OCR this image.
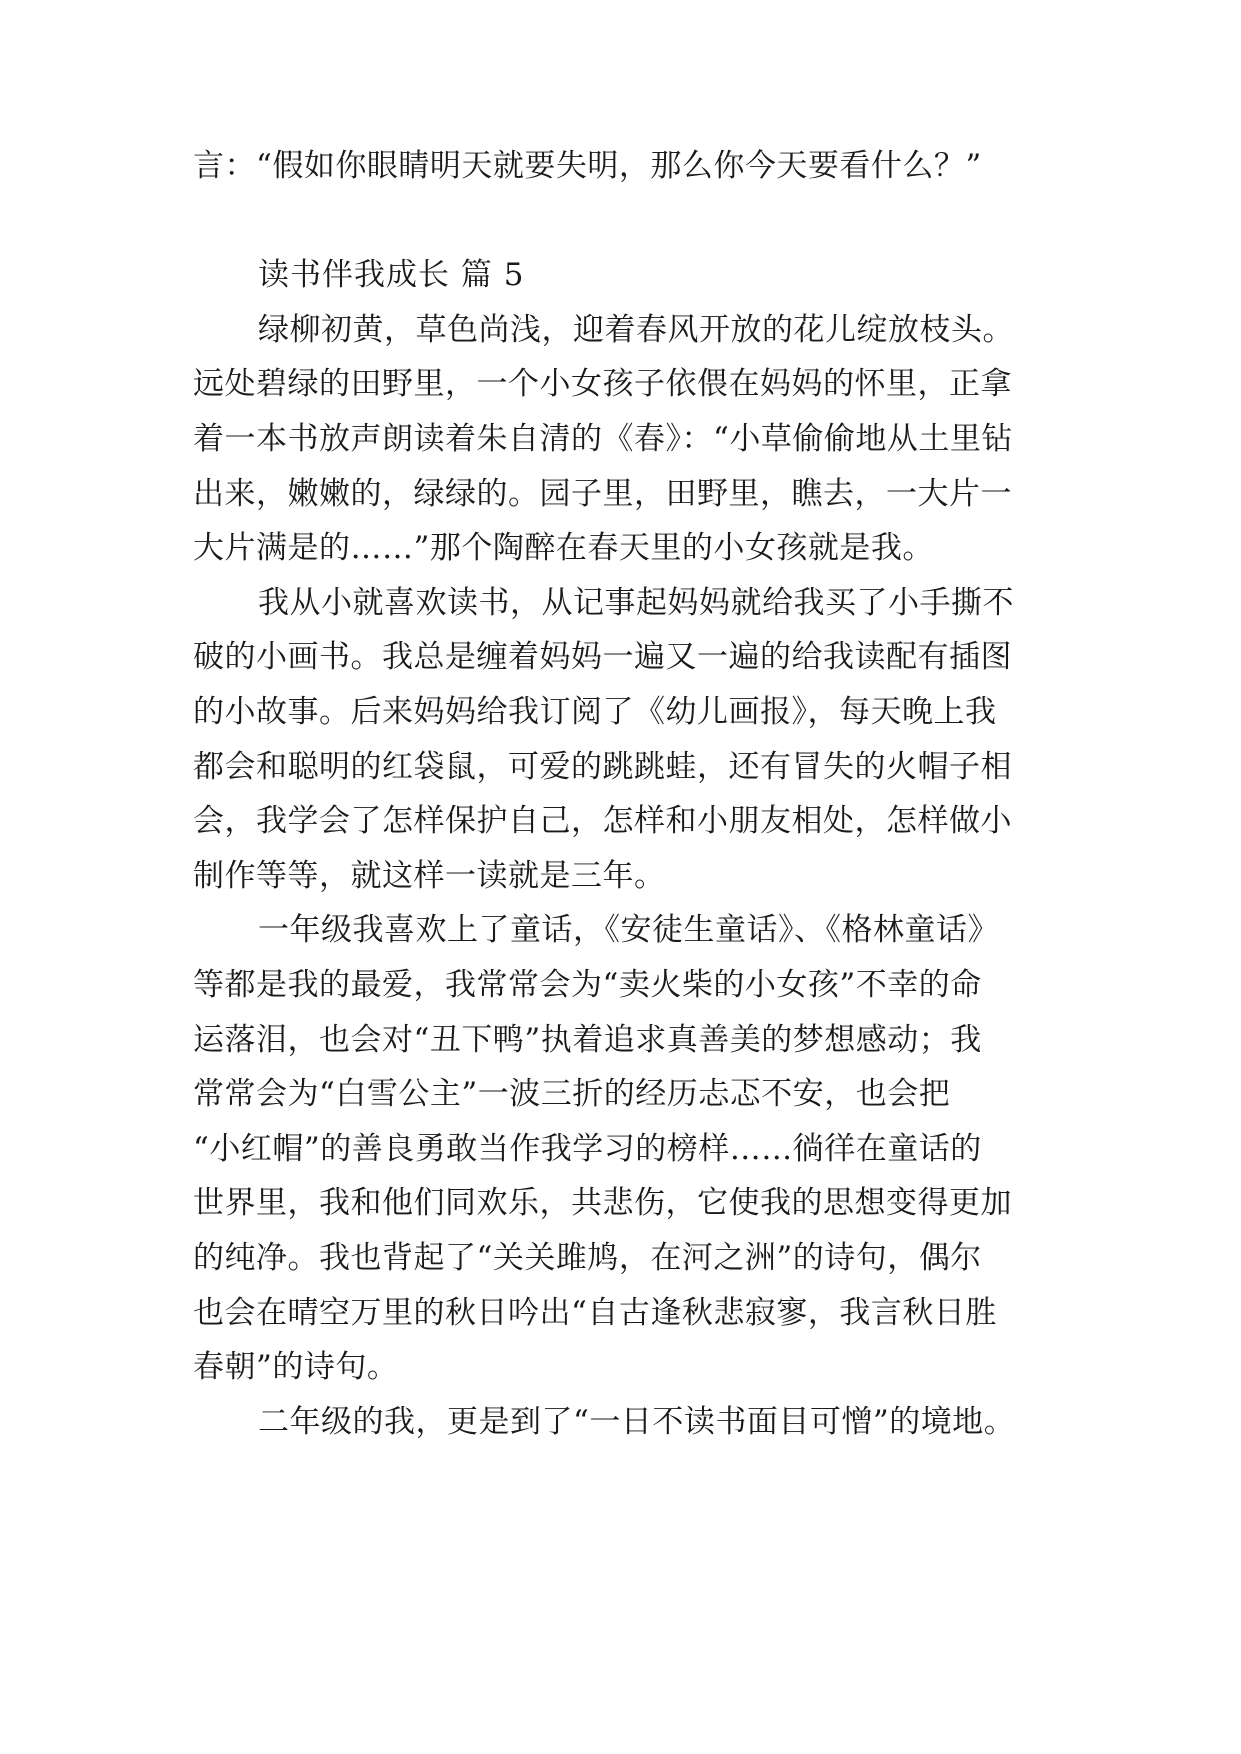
言：“假如你眼睛明天就要失明，那么你今天要看什么？”
读书伴我成长 篇 5
绿柳初黄，草色尚浅，迎着春风开放的花儿绽放枝头。
远处碧绿的田野里，一个小女孩子依偎在妈妈的怀里，正拿
着一本书放声朗读着朱自清的《春》：“小草偷偷地从土里钻
出来，嫩嫩的，绿绿的。园子里，田野里，瞧去，一大片一
大片满是的……”那个陶醉在春天里的小女孩就是我。
我从小就喜欢读书，从记事起妈妈就给我买了小手撕不
破的小画书。我总是缠着妈妈一遍又一遍的给我读配有插图
的小故事。后来妈妈给我订阅了《幼儿画报》，每天晚上我
都会和聪明的红袋鼠，可爱的跳跳蛙，还有冒失的火帽子相
会，我学会了怎样保护自己，怎样和小朋友相处，怎样做小
制作等等，就这样一读就是三年。
一年级我喜欢上了童话，《安徒生童话》、《格林童话》
等都是我的最爱，我常常会为“卖火柴的小女孩”不幸的命
运落泪，也会对“丑下鸭”执着追求真善美的梦想感动；我
常常会为“白雪公主”一波三折的经历忐忑不安，也会把
“小红帽”的善良勇敢当作我学习的榜样……徜徉在童话的
世界里，我和他们同欢乐，共悲伤，它使我的思想变得更加
的纯净。我也背起了“关关雎鸠，在河之洲”的诗句，偶尔
也会在晴空万里的秋日吟出“自古逢秋悲寂寥，我言秋日胜
春朝”的诗句。
二年级的我，更是到了“一日不读书面目可憎”的境地。
